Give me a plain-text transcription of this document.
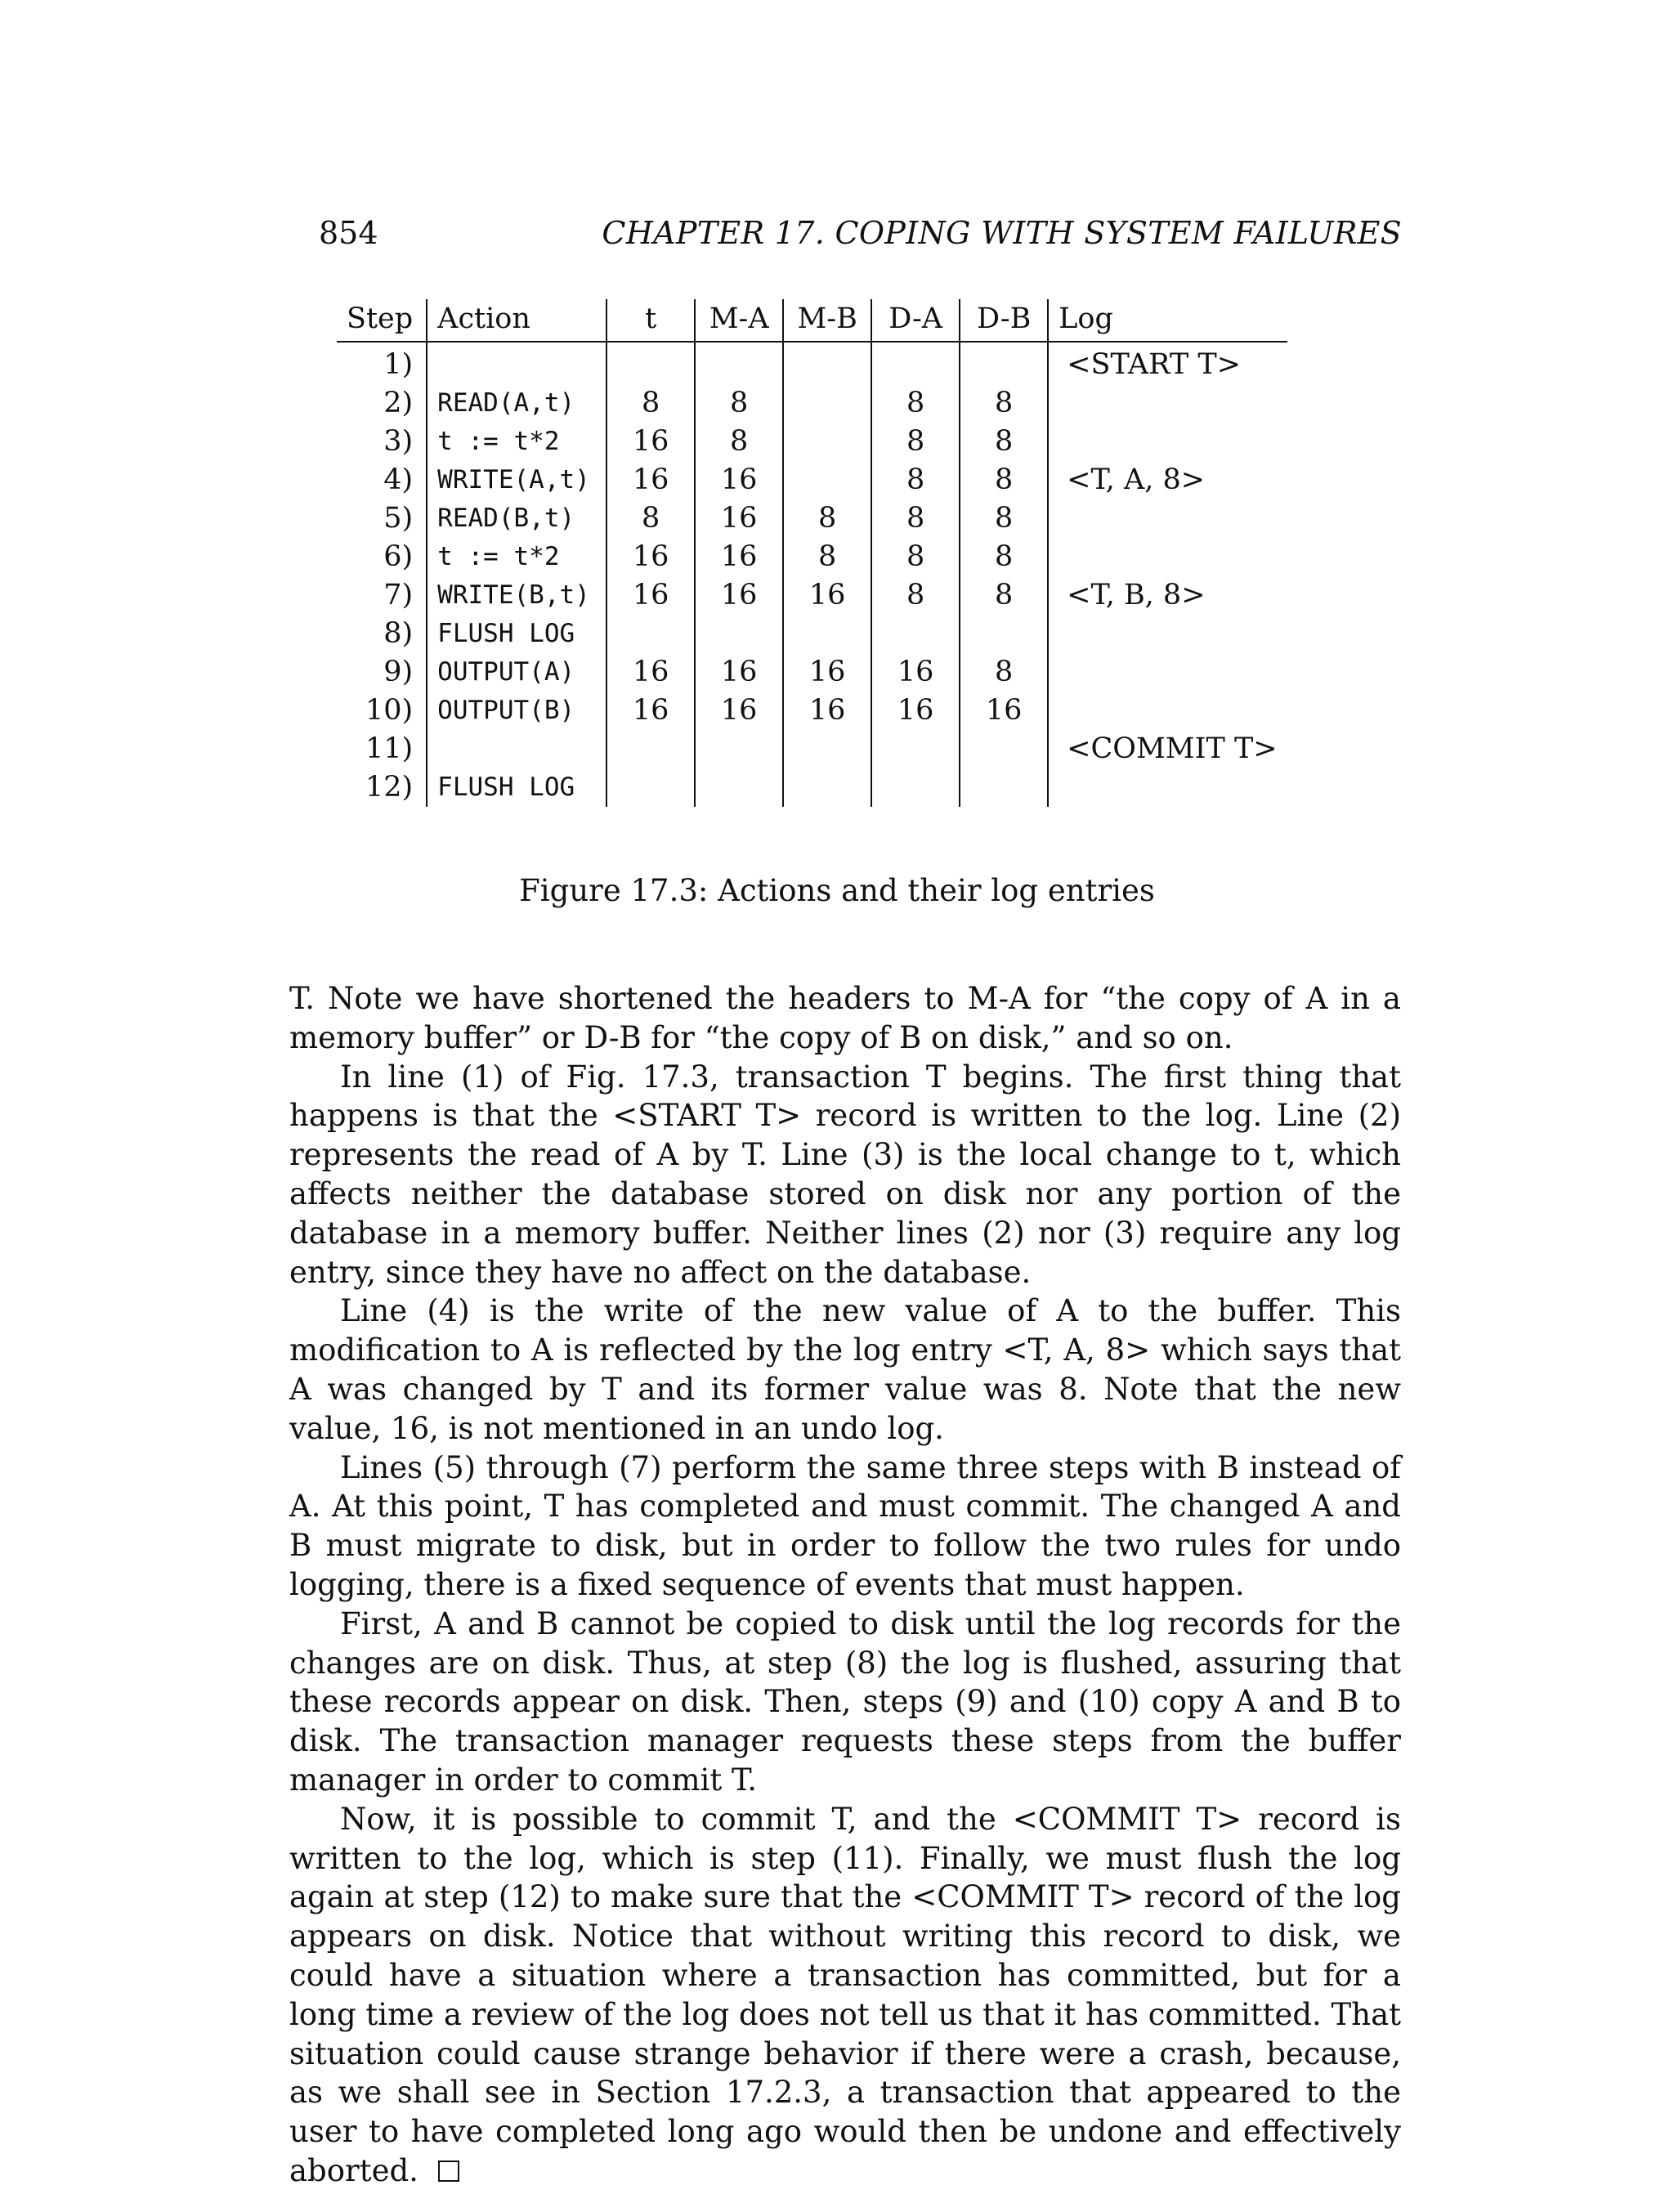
854	CHAPTER 17. COPING WITH SYSTEM FAILURES
Step	Action	t	M-A	M-B	D-A	D-B	Log
1)							<START T>
2)	READ(A,t)	8	8		8	8	
3)	t := t*2	16	8		8	8	
4)	WRITE(A,t)	16	16		8	8	<T, A, 8>
5)	READ(B,t)	8	16	8	8	8	
6)	t := t*2	16	16	8	8	8	
7)	WRITE(B,t)	16	16	16	8	8	<T, B, 8>
8)	FLUSH LOG						
9)	OUTPUT(A)	16	16	16	16	8	
10)	OUTPUT(B)	16	16	16	16	16	
11)							<COMMIT T>
12)	FLUSH LOG						
Figure 17.3: Actions and their log entries

T. Note we have shortened the headers to M-A for “the copy of A in a memory buffer” or D-B for “the copy of B on disk,” and so on.

In line (1) of Fig. 17.3, transaction T begins. The first thing that happens is that the <START T> record is written to the log. Line (2) represents the read of A by T. Line (3) is the local change to t, which affects neither the database stored on disk nor any portion of the database in a memory buffer. Neither lines (2) nor (3) require any log entry, since they have no affect on the database.

Line (4) is the write of the new value of A to the buffer. This modification to A is reflected by the log entry <T, A, 8> which says that A was changed by T and its former value was 8. Note that the new value, 16, is not mentioned in an undo log.

Lines (5) through (7) perform the same three steps with B instead of A. At this point, T has completed and must commit. The changed A and B must migrate to disk, but in order to follow the two rules for undo logging, there is a fixed sequence of events that must happen.

First, A and B cannot be copied to disk until the log records for the changes are on disk. Thus, at step (8) the log is flushed, assuring that these records appear on disk. Then, steps (9) and (10) copy A and B to disk. The transaction manager requests these steps from the buffer manager in order to commit T.

Now, it is possible to commit T, and the <COMMIT T> record is written to the log, which is step (11). Finally, we must flush the log again at step (12) to make sure that the <COMMIT T> record of the log appears on disk. Notice that without writing this record to disk, we could have a situation where a transaction has committed, but for a long time a review of the log does not tell us that it has committed. That situation could cause strange behavior if there were a crash, because, as we shall see in Section 17.2.3, a transaction that appeared to the user to have completed long ago would then be undone and effectively aborted.
